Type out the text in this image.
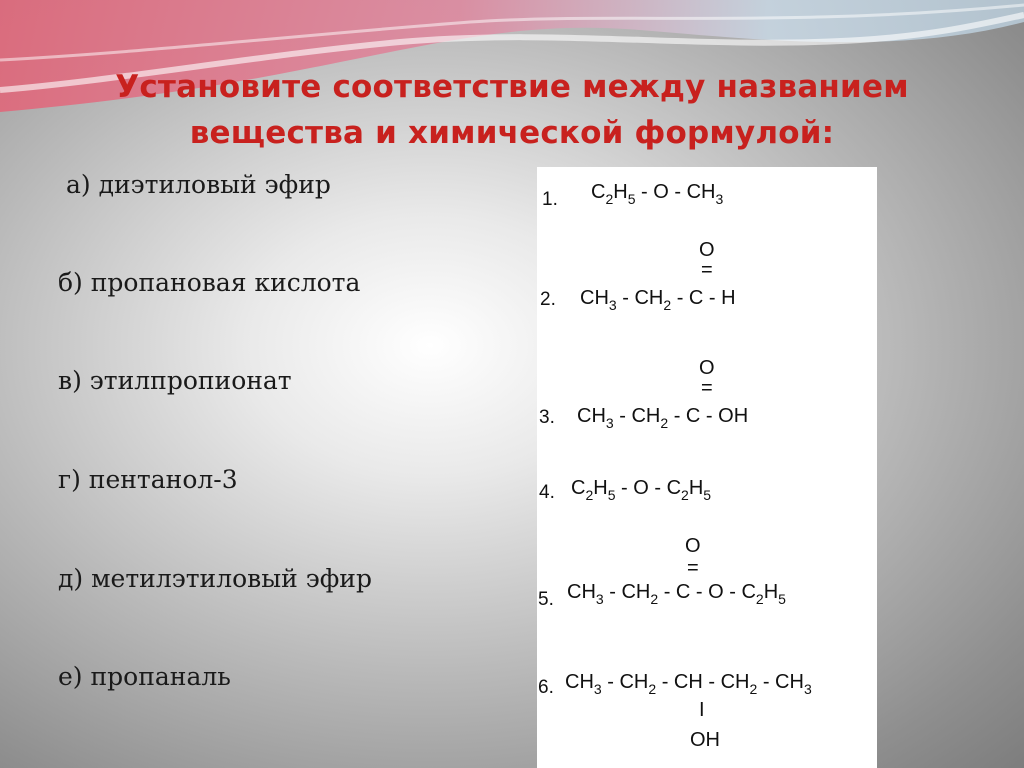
Установите соответствие между названием
вещества и химической формулой:
а) диэтиловый эфир
б) пропановая кислота
в) этилпропионат
г) пентанол-3
д) метилэтиловый эфир
е) пропаналь
1. $C_2H_5$ - O - $CH_3$
O
=
2. $CH_3 - CH_2$ - C - H
O
=
3. $CH_3 - CH_2$ - C - OH
4. $C_2H_5$ - O - $C_2H_5$
O
=
5. $CH_3 - CH_2$ - C - O - $C_2H_5$
6. $CH_3 - CH_2$ - CH - $CH_2 - CH_3$
I
OH
